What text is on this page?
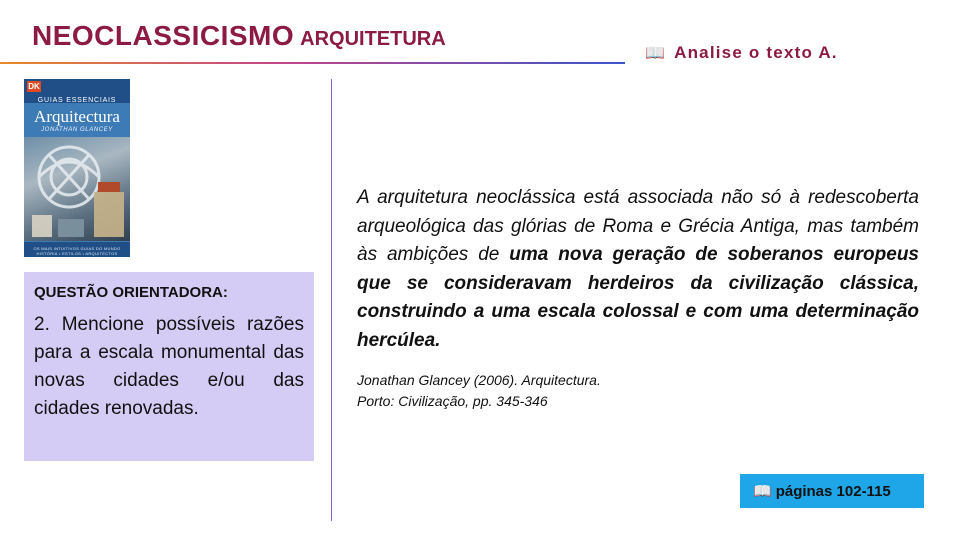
NEOCLASSICISMO ARQUITETURA
📖 Analise o texto A.
DK
GUIAS ESSENCIAIS
Arquitectura
JONATHAN GLANCEY
OS MAIS INTUITIVOS GUIAS DO MUNDO
HISTÓRIA • ESTILOS • ARQUITECTOS
QUESTÃO ORIENTADORA:
2. Mencione possíveis razões para a escala monumental das novas cidades e/ou das cidades renovadas.
A arquitetura neoclássica está associada não só à redescoberta arqueológica das glórias de Roma e Grécia Antiga, mas também às ambições de uma nova geração de soberanos europeus que se consideravam herdeiros da civilização clássica, construindo a uma escala colossal e com uma determinação hercúlea.
Jonathan Glancey (2006). Arquitectura.
Porto: Civilização, pp. 345-346
📖 páginas 102-115
